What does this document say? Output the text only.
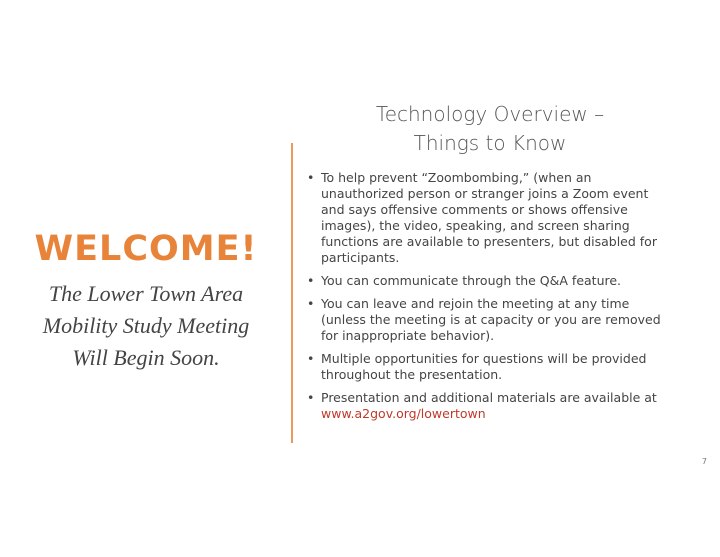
WELCOME!
The Lower Town Area
Mobility Study Meeting
Will Begin Soon.
Technology Overview –
Things to Know
• To help prevent “Zoombombing,” (when an unauthorized person or stranger joins a Zoom event and says offensive comments or shows offensive images), the video, speaking, and screen sharing functions are available to presenters, but disabled for participants.
• You can communicate through the Q&A feature.
• You can leave and rejoin the meeting at any time (unless the meeting is at capacity or you are removed for inappropriate behavior).
• Multiple opportunities for questions will be provided throughout the presentation.
• Presentation and additional materials are available at www.a2gov.org/lowertown
7
